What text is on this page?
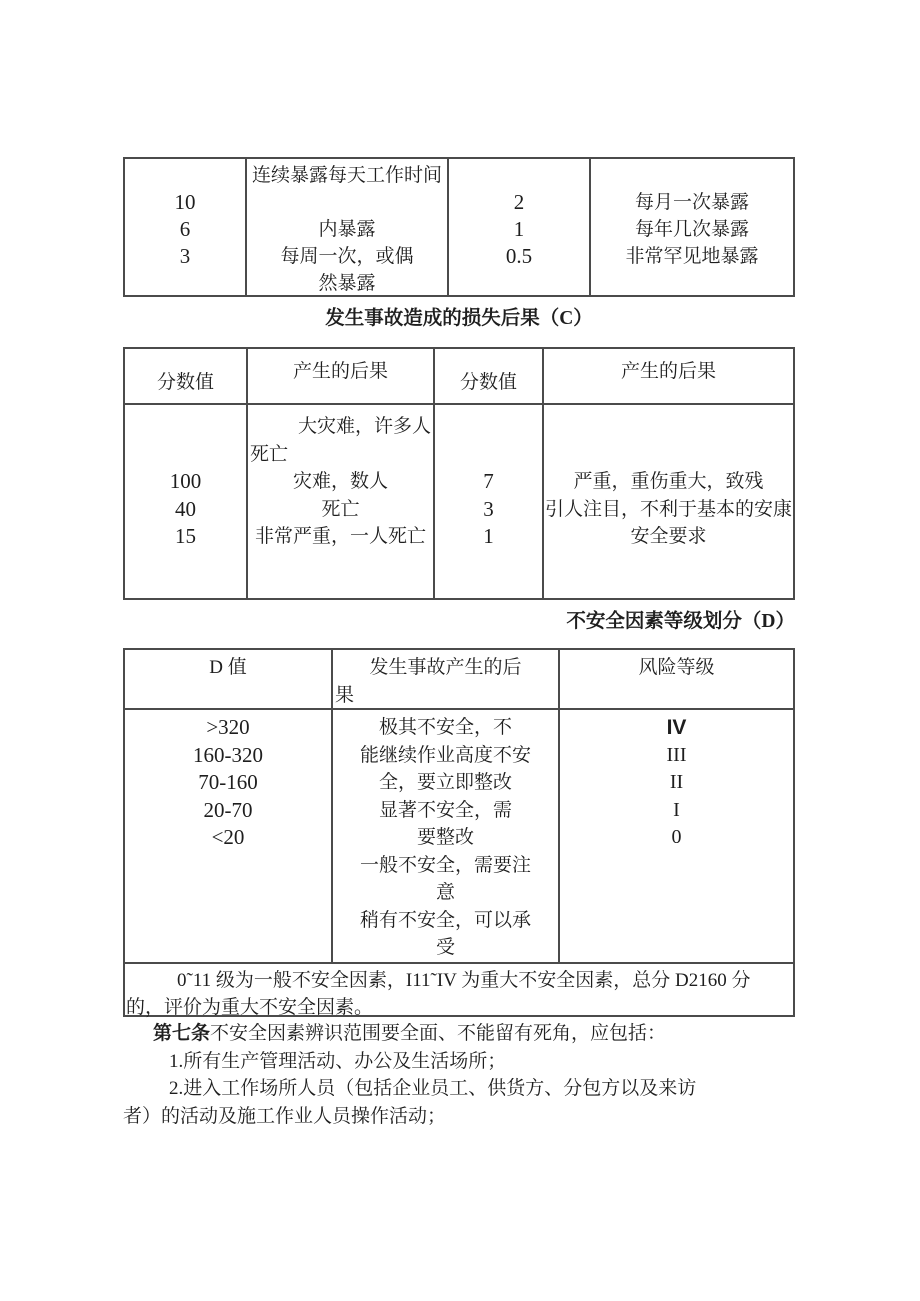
10
6
3
连续暴露每天工作时间

内暴露
每周一次，或偶
然暴露

2
1
0.5

每月一次暴露
每年几次暴露
非常罕见地暴露
发生事故造成的损失后果（C）
分数值
产生的后果
分数值
产生的后果

100
40
15
大灾难，许多人
死亡
灾难，数人
死亡
非常严重，一人死亡

7
3
1

严重，重伤重大，致残
引人注目，不利于基本的安康
安全要求
不安全因素等级划分（D）
D 值	发生事故产生的后
果
风险等级
>320
160-320
70-160
20-70
<20
极其不安全，不
能继续作业高度不安
全，要立即整改
显著不安全，需
要整改
一般不安全，需要注
意
稍有不安全，可以承
受
IV
III
II
I
0
0˜11 级为一般不安全因素，I11˜IV 为重大不安全因素，总分 D2160 分
的，评价为重大不安全因素。
第七条不安全因素辨识范围要全面、不能留有死角，应包括：
1.所有生产管理活动、办公及生活场所；
2.进入工作场所人员（包括企业员工、供货方、分包方以及来访
者）的活动及施工作业人员操作活动；
